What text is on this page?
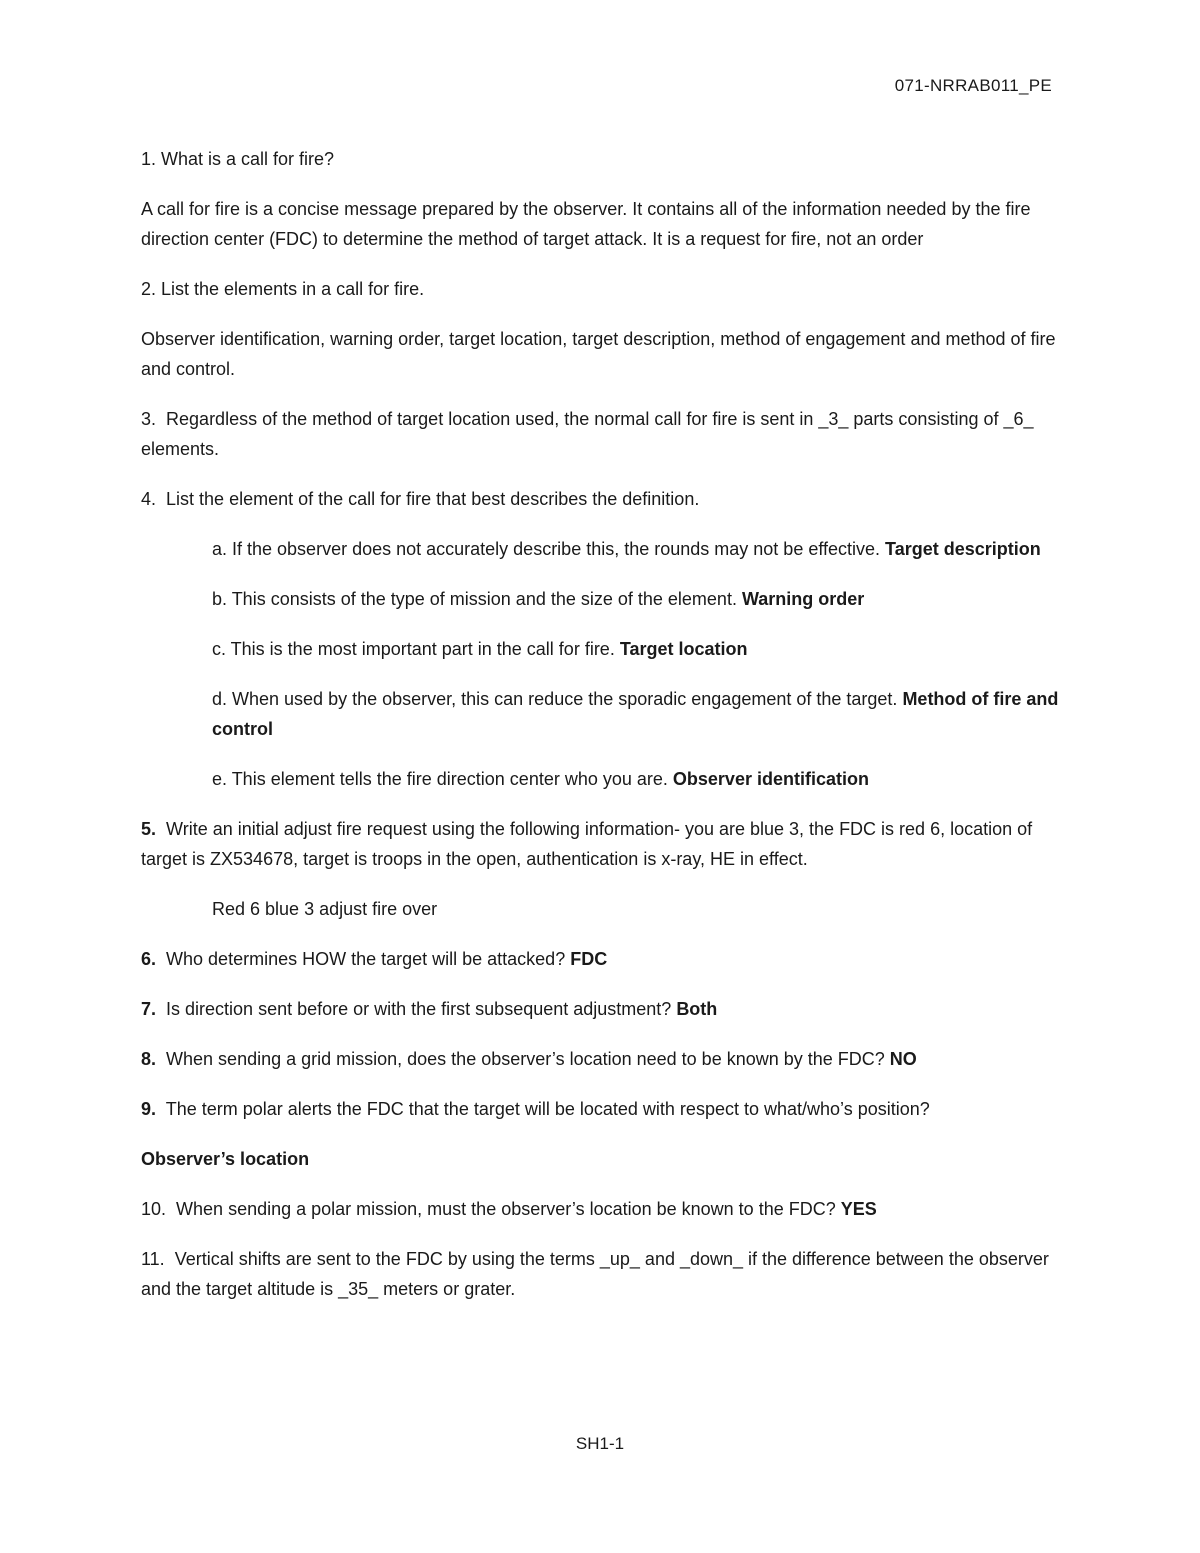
071-NRRAB011_PE

1. What is a call for fire?

A call for fire is a concise message prepared by the observer. It contains all of the information needed by the fire direction center (FDC) to determine the method of target attack. It is a request for fire, not an order

2. List the elements in a call for fire.

Observer identification, warning order, target location, target description, method of engagement and method of fire and control.

3. Regardless of the method of target location used, the normal call for fire is sent in _3_ parts consisting of _6_ elements.

4. List the element of the call for fire that best describes the definition.

a. If the observer does not accurately describe this, the rounds may not be effective. Target description

b. This consists of the type of mission and the size of the element. Warning order

c. This is the most important part in the call for fire. Target location

d. When used by the observer, this can reduce the sporadic engagement of the target. Method of fire and control

e. This element tells the fire direction center who you are. Observer identification

5. Write an initial adjust fire request using the following information- you are blue 3, the FDC is red 6, location of target is ZX534678, target is troops in the open, authentication is x-ray, HE in effect.

Red 6 blue 3 adjust fire over

6. Who determines HOW the target will be attacked? FDC

7. Is direction sent before or with the first subsequent adjustment? Both

8. When sending a grid mission, does the observer’s location need to be known by the FDC? NO

9. The term polar alerts the FDC that the target will be located with respect to what/who’s position?

Observer’s location

10. When sending a polar mission, must the observer’s location be known to the FDC? YES

11. Vertical shifts are sent to the FDC by using the terms _up_ and _down_ if the difference between the observer and the target altitude is _35_ meters or grater.

SH1-1
